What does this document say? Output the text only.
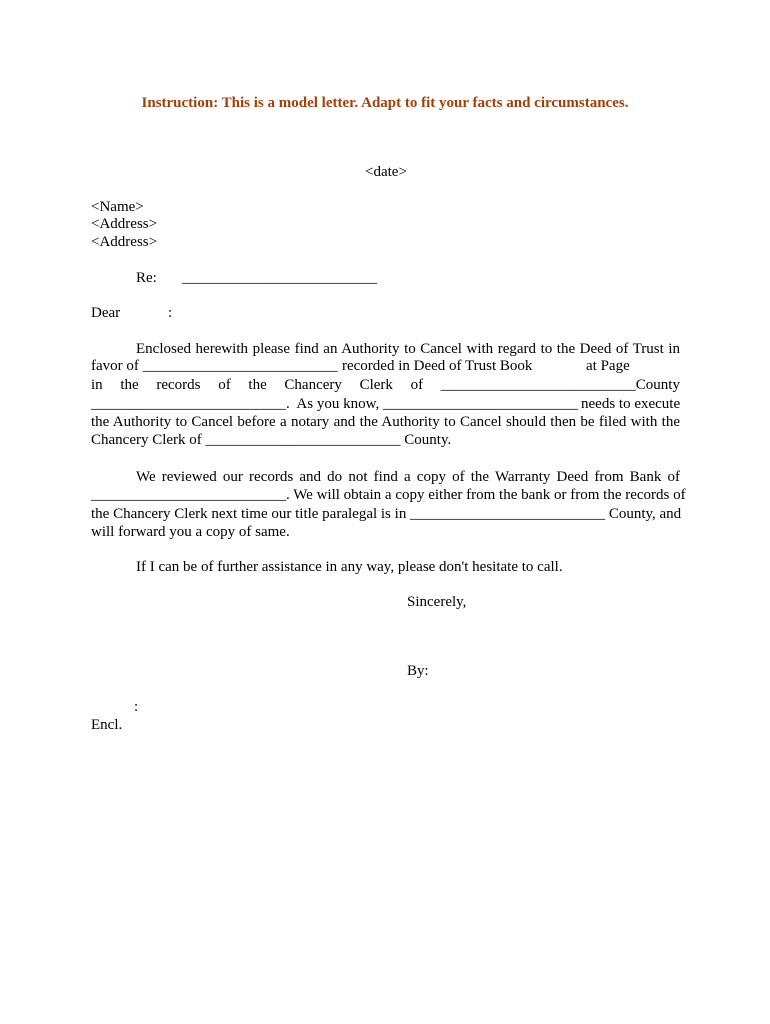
Instruction: This is a model letter. Adapt to fit your facts and circumstances.
<date>
<Name>
<Address>
<Address>
Re: __________________________
Dear	:
Enclosed herewith please find an Authority to Cancel with regard to the Deed of Trust in
favor of __________________________ recorded in Deed of Trust Book	at Page
in the records of the Chancery Clerk of __________________________County
__________________________.  As you know, __________________________ needs to execute
the Authority to Cancel before a notary and the Authority to Cancel should then be filed with the
Chancery Clerk of __________________________ County.
We reviewed our records and do not find a copy of the Warranty Deed from Bank of
__________________________. We will obtain a copy either from the bank or from the records of
the Chancery Clerk next time our title paralegal is in __________________________ County, and
will forward you a copy of same.
If I can be of further assistance in any way, please don't hesitate to call.
Sincerely,
By:
:
Encl.
